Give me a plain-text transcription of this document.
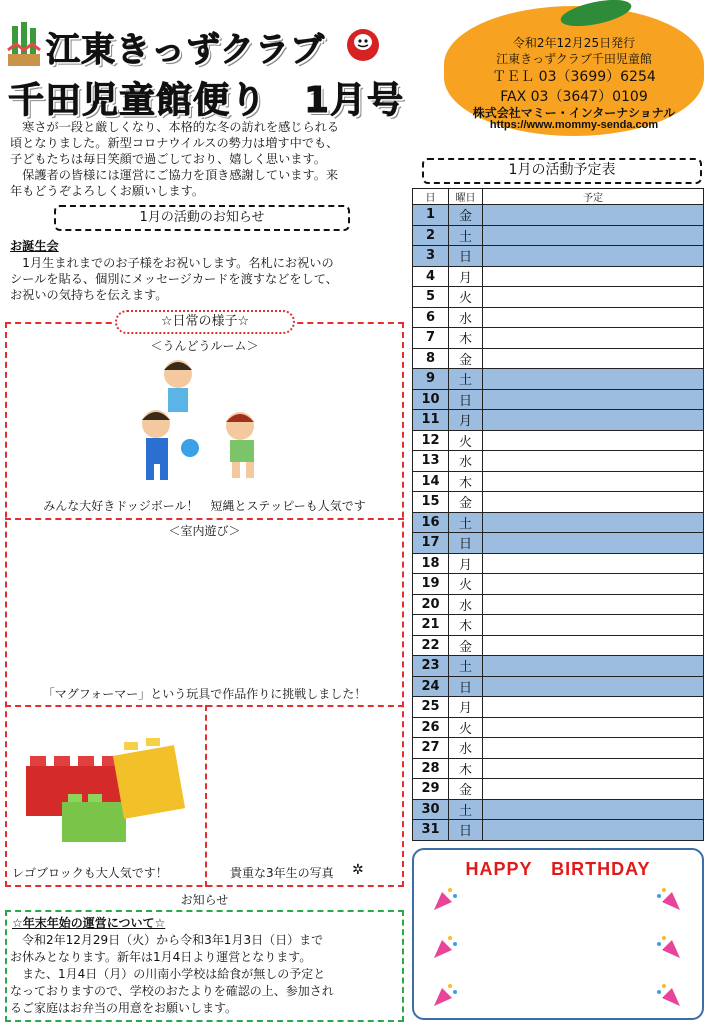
江東きっずクラブ
千田児童館便り　1月号
令和2年12月25日発行
江東きっずクラブ千田児童館
ＴＥＬ 03（3699）6254
FAX 03（3647）0109
株式会社マミー・インターナショナル
https://www.mommy-senda.com
　寒さが一段と厳しくなり、本格的な冬の訪れを感じられる
頃となりました。新型コロナウイルスの勢力は増す中でも、
子どもたちは毎日笑顔で過ごしており、嬉しく思います。
　保護者の皆様には運営にご協力を頂き感謝しています。来
年もどうぞよろしくお願いします。
1月の活動のお知らせ
お誕生会
　1月生まれまでのお子様をお祝いします。名札にお祝いの
シールを貼る、個別にメッセージカードを渡すなどをして、
お祝いの気持ちを伝えます。
☆日常の様子☆
＜うんどうルーム＞
みんな大好きドッジボール！　短縄とステッピーも人気です
＜室内遊び＞
「マグフォーマー」という玩具で作品作りに挑戦しました！
レゴブロックも大人気です！	貴重な3年生の写真 ✲
お知らせ
☆年末年始の運営について☆
　令和2年12月29日（火）から令和3年1月3日（日）まで
お休みとなります。新年は1月4日より運営となります。
　また、1月4日（月）の川南小学校は給食が無しの予定と
なっておりますので、学校のおたよりを確認の上、参加され
るご家庭はお弁当の用意をお願いします。
1月の活動予定表
日	曜日	予定
1	金	
2	土	
3	日	
4	月	
5	火	
6	水	
7	木	
8	金	
9	土	
10	日	
11	月	
12	火	
13	水	
14	木	
15	金	
16	土	
17	日	
18	月	
19	火	
20	水	
21	木	
22	金	
23	土	
24	日	
25	月	
26	火	
27	水	
28	木	
29	金	
30	土	
31	日	
HAPPY　BIRTHDAY
